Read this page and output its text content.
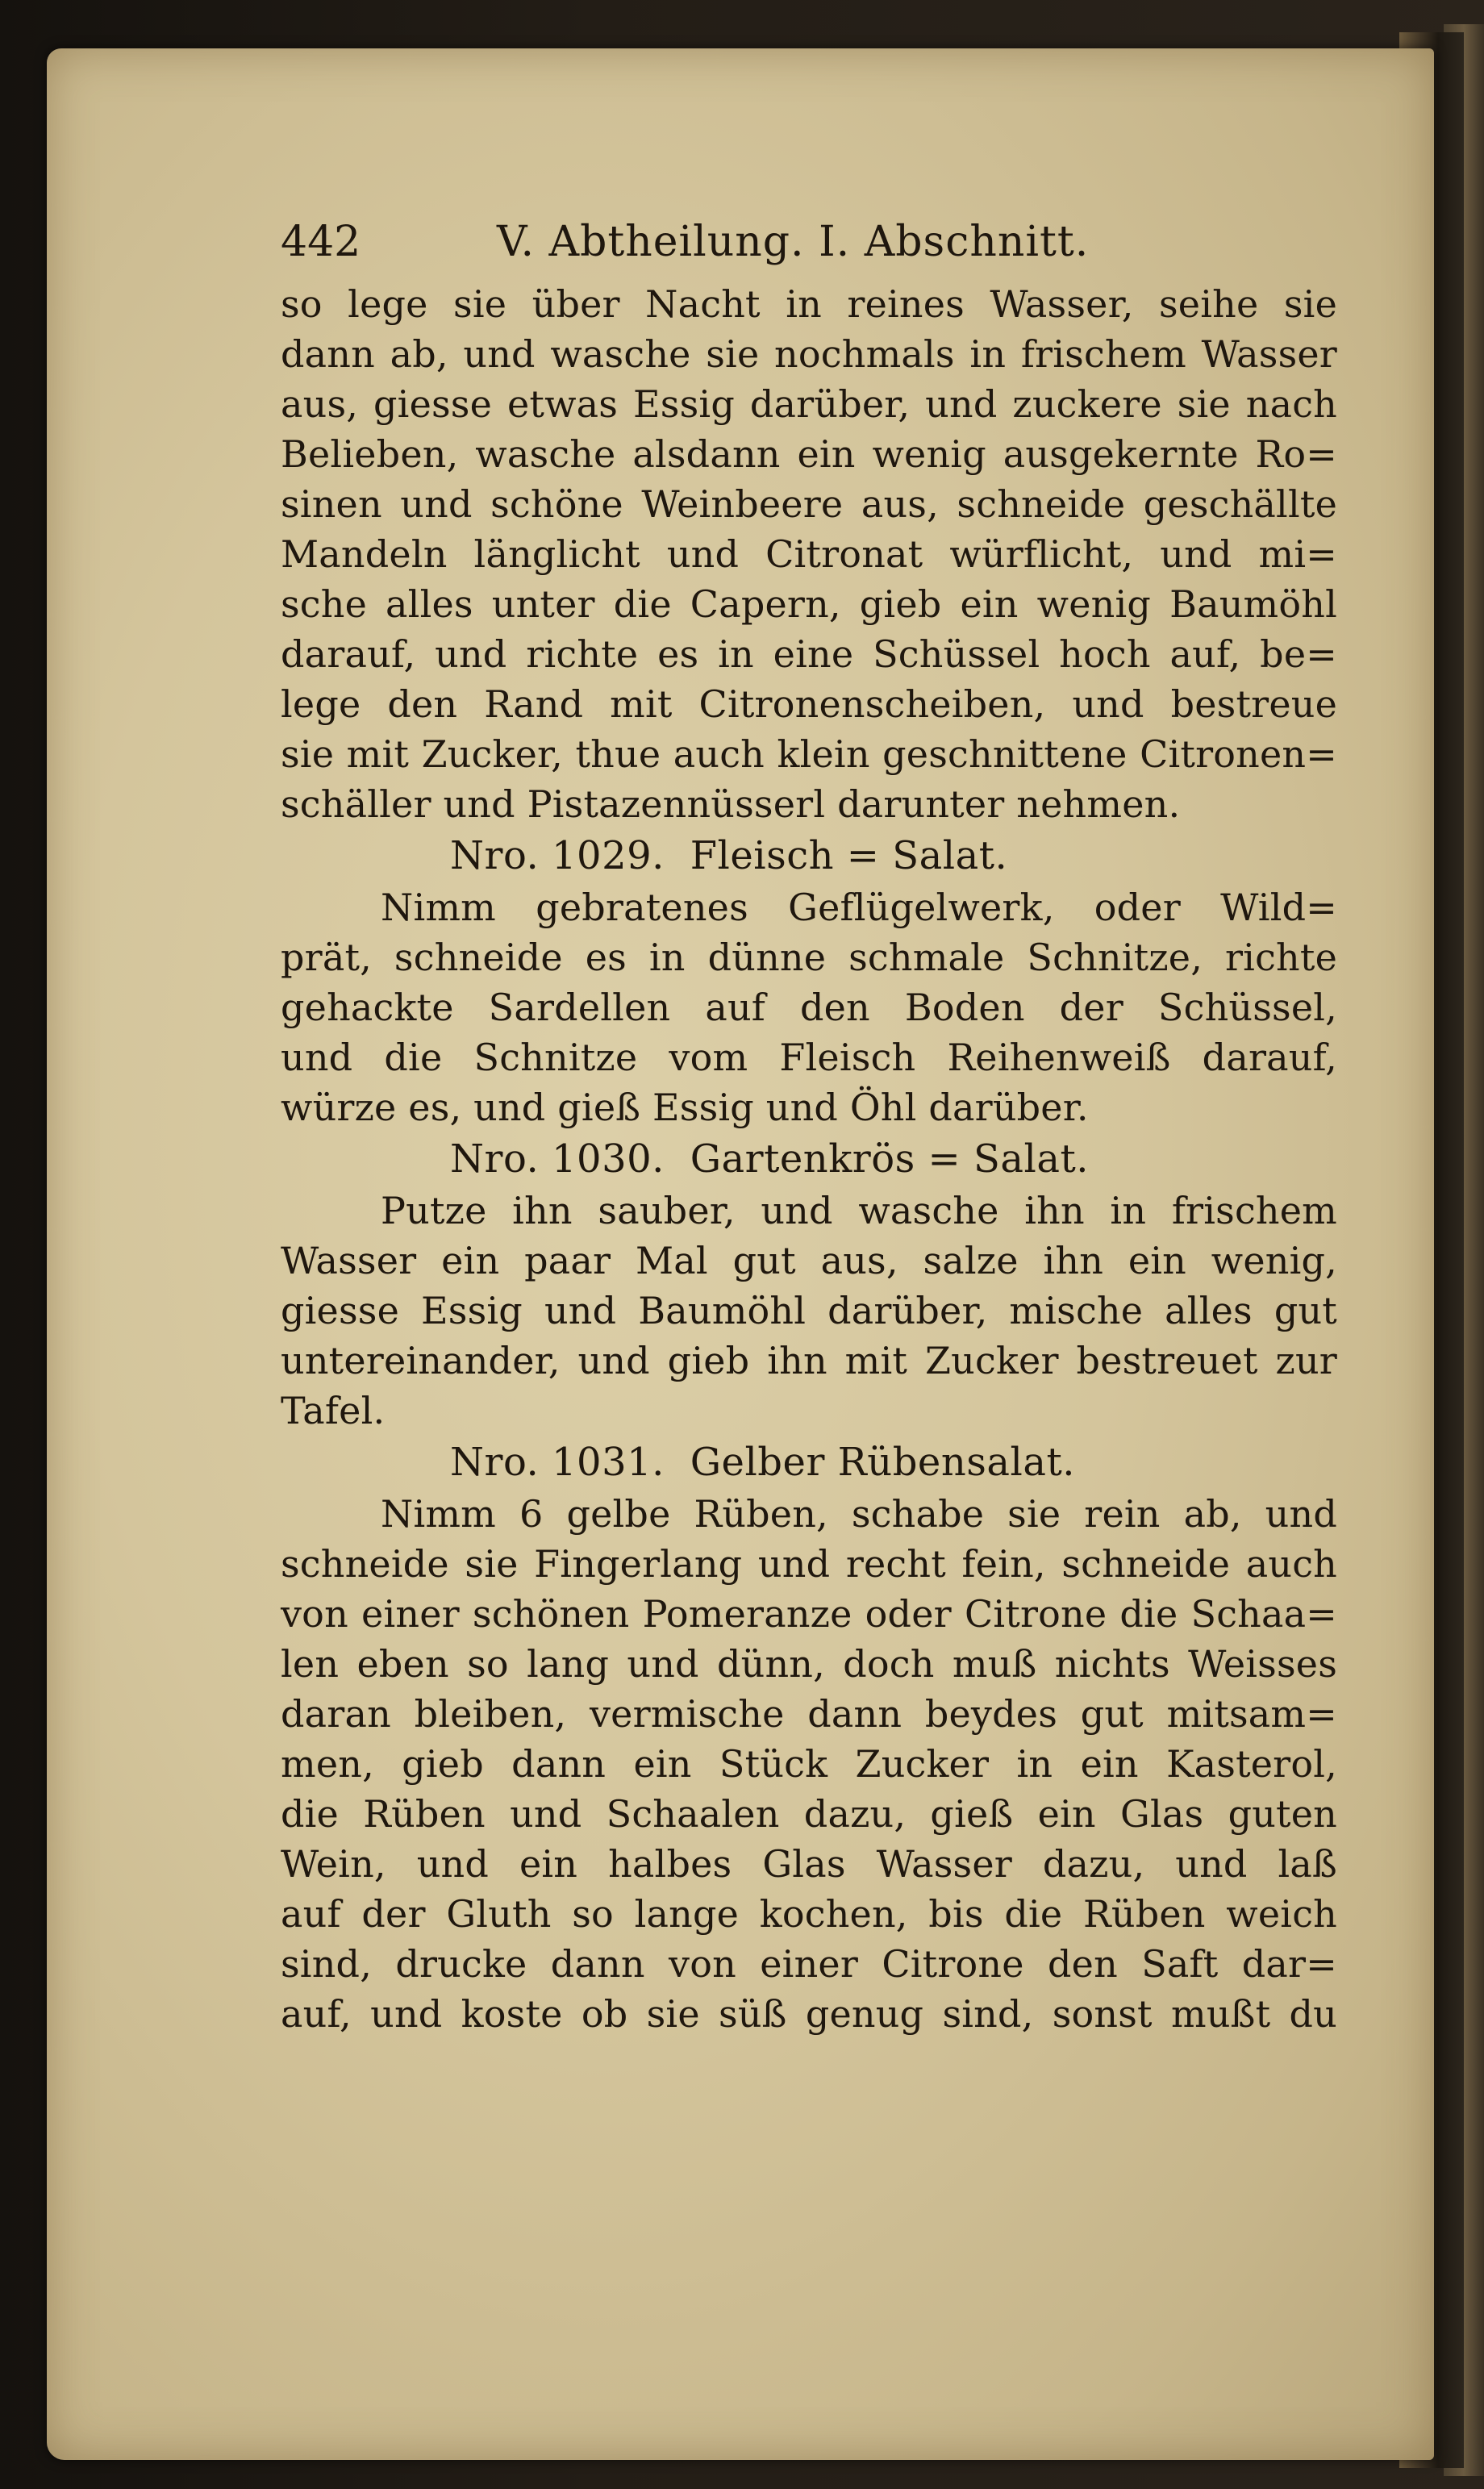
442	V. Abtheilung. I. Abschnitt.
so lege sie über Nacht in reines Wasser, seihe sie
dann ab, und wasche sie nochmals in frischem Wasser
aus, giesse etwas Essig darüber, und zuckere sie nach
Belieben, wasche alsdann ein wenig ausgekernte Ro=
sinen und schöne Weinbeere aus, schneide geschällte
Mandeln länglicht und Citronat würflicht, und mi=
sche alles unter die Capern, gieb ein wenig Baumöhl
darauf, und richte es in eine Schüssel hoch auf, be=
lege den Rand mit Citronenscheiben, und bestreue
sie mit Zucker, thue auch klein geschnittene Citronen=
schäller und Pistazennüsserl darunter nehmen.
Nro. 1029. Fleisch = Salat.
Nimm gebratenes Geflügelwerk, oder Wild=
prät, schneide es in dünne schmale Schnitze, richte
gehackte Sardellen auf den Boden der Schüssel,
und die Schnitze vom Fleisch Reihenweiß darauf,
würze es, und gieß Essig und Öhl darüber.
Nro. 1030. Gartenkrös = Salat.
Putze ihn sauber, und wasche ihn in frischem
Wasser ein paar Mal gut aus, salze ihn ein wenig,
giesse Essig und Baumöhl darüber, mische alles gut
untereinander, und gieb ihn mit Zucker bestreuet zur
Tafel.
Nro. 1031. Gelber Rübensalat.
Nimm 6 gelbe Rüben, schabe sie rein ab, und
schneide sie Fingerlang und recht fein, schneide auch
von einer schönen Pomeranze oder Citrone die Schaa=
len eben so lang und dünn, doch muß nichts Weisses
daran bleiben, vermische dann beydes gut mitsam=
men, gieb dann ein Stück Zucker in ein Kasterol,
die Rüben und Schaalen dazu, gieß ein Glas guten
Wein, und ein halbes Glas Wasser dazu, und laß
auf der Gluth so lange kochen, bis die Rüben weich
sind, drucke dann von einer Citrone den Saft dar=
auf, und koste ob sie süß genug sind, sonst mußt du
